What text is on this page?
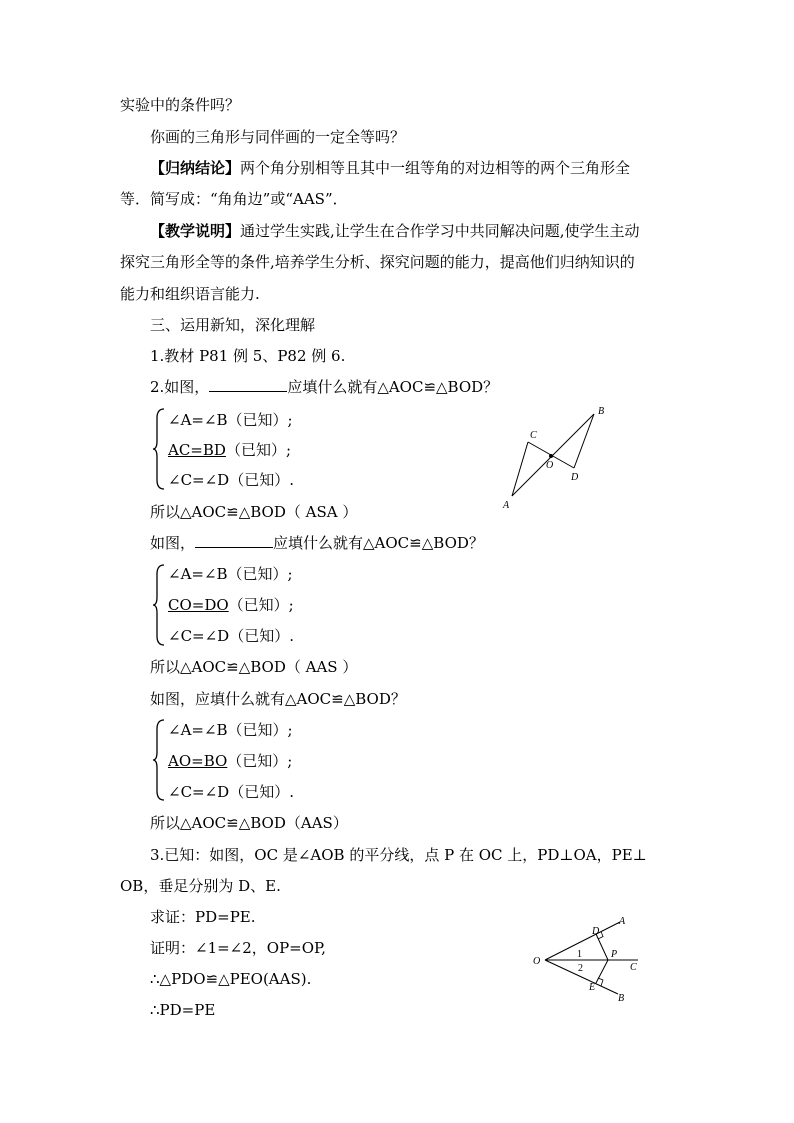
实验中的条件吗？
你画的三角形与同伴画的一定全等吗？
【归纳结论】两个角分别相等且其中一组等角的对边相等的两个三角形全
等．简写成：“角角边”或“AAS”．
【教学说明】通过学生实践,让学生在合作学习中共同解决问题,使学生主动
探究三角形全等的条件,培养学生分析、探究问题的能力，提高他们归纳知识的
能力和组织语言能力.
三、运用新知，深化理解
1.教材 P81 例 5、P82 例 6.
2.如图，	应填什么就有△AOC≌△BOD？
∠A=∠B（已知）;
AC=BD（已知）;
∠C=∠D（已知）.
所以△AOC≌△BOD（ ASA ）	A
C
O
D
B
如图，	应填什么就有△AOC≌△BOD？
∠A=∠B（已知）;
CO=DO（已知）;
∠C=∠D（已知）.
所以△AOC≌△BOD（ AAS ）
如图，应填什么就有△AOC≌△BOD？
∠A=∠B（已知）;
AO=BO（已知）;
∠C=∠D（已知）.
所以△AOC≌△BOD（AAS）
3.已知：如图，OC 是∠AOB 的平分线，点 P 在 OC 上，PD⊥OA，PE⊥
OB，垂足分别为 D、E.
求证：PD=PE.
证明：∠1=∠2，OP=OP,
∴△PDO≌△PEO(AAS).
∴PD=PE
O
A
D
P
C
1
2
E
B
